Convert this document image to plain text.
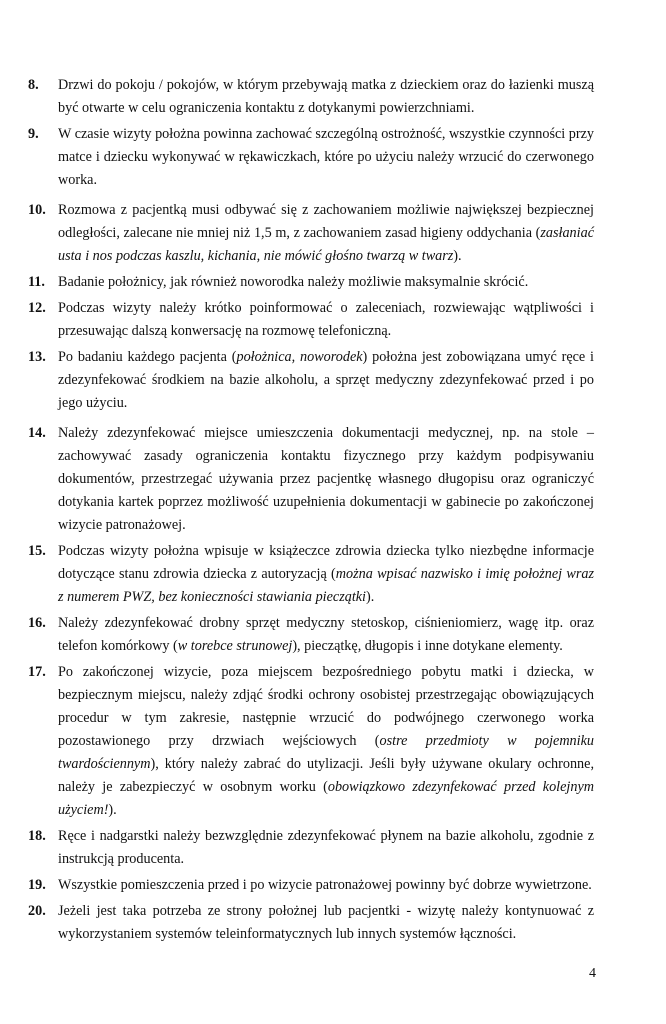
8. Drzwi do pokoju / pokojów, w którym przebywają matka z dzieckiem oraz do łazienki muszą być otwarte w celu ograniczenia kontaktu z dotykanymi powierzchniami.
9. W czasie wizyty położna powinna zachować szczególną ostrożność, wszystkie czynności przy matce i dziecku wykonywać w rękawiczkach, które po użyciu należy wrzucić do czerwonego worka.
10. Rozmowa z pacjentką musi odbywać się z zachowaniem możliwie największej bezpiecznej odległości, zalecane nie mniej niż 1,5 m, z zachowaniem zasad higieny oddychania (zasłaniać usta i nos podczas kaszlu, kichania, nie mówić głośno twarzą w twarz).
11. Badanie położnicy, jak również noworodka należy możliwie maksymalnie skrócić.
12. Podczas wizyty należy krótko poinformować o zaleceniach, rozwiewając wątpliwości i przesuwając dalszą konwersację na rozmowę telefoniczną.
13. Po badaniu każdego pacjenta (położnica, noworodek) położna jest zobowiązana umyć ręce i zdezynfekować środkiem na bazie alkoholu, a sprzęt medyczny zdezynfekować przed i po jego użyciu.
14. Należy zdezynfekować miejsce umieszczenia dokumentacji medycznej, np. na stole – zachowywać zasady ograniczenia kontaktu fizycznego przy każdym podpisywaniu dokumentów, przestrzegać używania przez pacjentkę własnego długopisu oraz ograniczyć dotykania kartek poprzez możliwość uzupełnienia dokumentacji w gabinecie po zakończonej wizycie patronażowej.
15. Podczas wizyty położna wpisuje w książeczce zdrowia dziecka tylko niezbędne informacje dotyczące stanu zdrowia dziecka z autoryzacją (można wpisać nazwisko i imię położnej wraz z numerem PWZ, bez konieczności stawiania pieczątki).
16. Należy zdezynfekować drobny sprzęt medyczny stetoskop, ciśnieniomierz, wagę itp. oraz telefon komórkowy (w torebce strunowej), pieczątkę, długopis i inne dotykane elementy.
17. Po zakończonej wizycie, poza miejscem bezpośredniego pobytu matki i dziecka, w bezpiecznym miejscu, należy zdjąć środki ochrony osobistej przestrzegając obowiązujących procedur w tym zakresie, następnie wrzucić do podwójnego czerwonego worka pozostawionego przy drzwiach wejściowych (ostre przedmioty w pojemniku twardościennym), który należy zabrać do utylizacji. Jeśli były używane okulary ochronne, należy je zabezpieczyć w osobnym worku (obowiązkowo zdezynfekować przed kolejnym użyciem!).
18. Ręce i nadgarstki należy bezwzględnie zdezynfekować płynem na bazie alkoholu, zgodnie z instrukcją producenta.
19. Wszystkie pomieszczenia przed i po wizycie patronażowej powinny być dobrze wywietrzone.
20. Jeżeli jest taka potrzeba ze strony położnej lub pacjentki - wizytę należy kontynuować z wykorzystaniem systemów teleinformatycznych lub innych systemów łączności.
4
